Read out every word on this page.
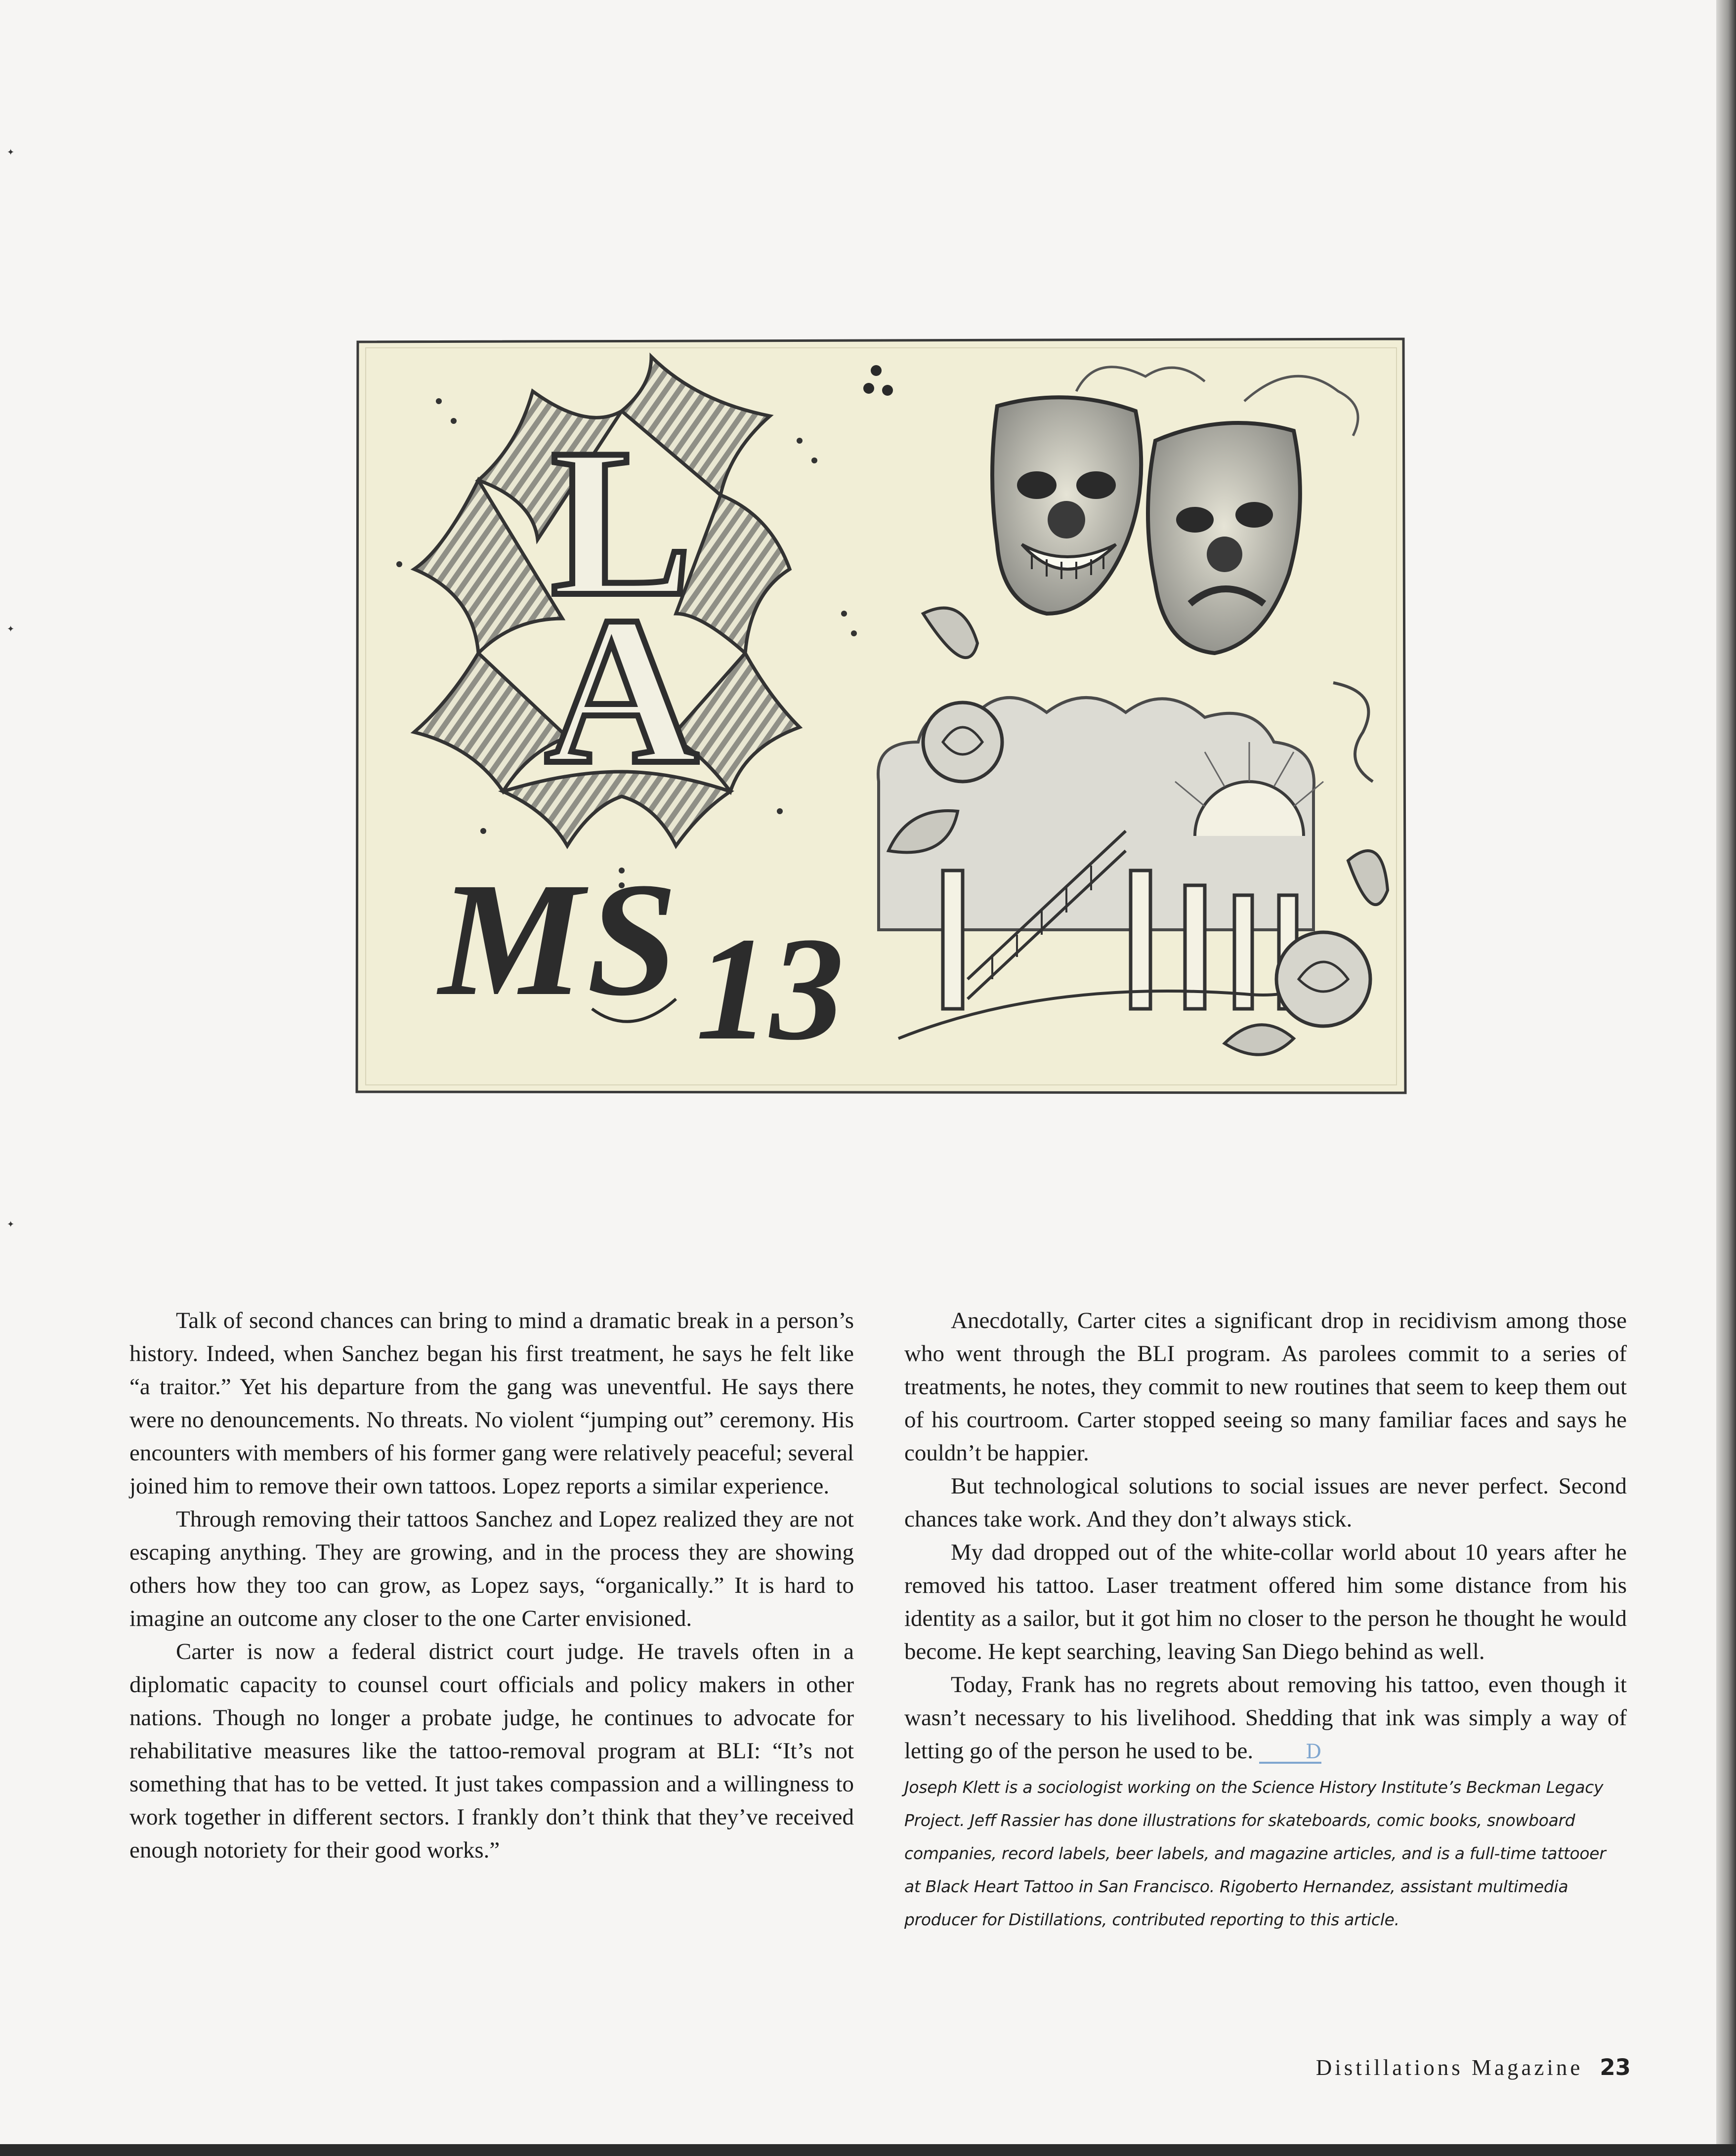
✦
✦
✦
L
A
MS 13

Talk of second chances can bring to mind a dramatic break in a person’s history. Indeed, when Sanchez began his first treatment, he says he felt like “a traitor.” Yet his departure from the gang was uneventful. He says there were no denouncements. No threats. No violent “jumping out” ceremony. His encounters with members of his former gang were relatively peaceful; several joined him to remove their own tattoos. Lopez reports a similar experience.

Through removing their tattoos Sanchez and Lopez realized they are not escaping anything. They are growing, and in the process they are showing others how they too can grow, as Lopez says, “organically.” It is hard to imagine an outcome any closer to the one Carter envisioned.

Carter is now a federal district court judge. He travels often in a diplomatic capacity to counsel court officials and policy makers in other nations. Though no longer a probate judge, he continues to advocate for rehabilitative measures like the tattoo-removal program at BLI: “It’s not something that has to be vetted. It just takes compassion and a willingness to work together in different sectors. I frankly don’t think that they’ve received enough notoriety for their good works.”

Anecdotally, Carter cites a significant drop in recidivism among those who went through the BLI program. As parolees commit to a series of treatments, he notes, they commit to new routines that seem to keep them out of his courtroom. Carter stopped seeing so many familiar faces and says he couldn’t be happier.

But technological solutions to social issues are never perfect. Second chances take work. And they don’t always stick.

My dad dropped out of the white-collar world about 10 years after he removed his tattoo. Laser treatment offered him some distance from his identity as a sailor, but it got him no closer to the person he thought he would become. He kept searching, leaving San Diego behind as well.

Today, Frank has no regrets about removing his tattoo, even though it wasn’t necessary to his livelihood. Shedding that ink was simply a way of letting go of the person he used to be.	D

Joseph Klett is a sociologist working on the Science History Institute’s Beckman Legacy Project. Jeff Rassier has done illustrations for skateboards, comic books, snowboard companies, record labels, beer labels, and magazine articles, and is a full-time tattooer at Black Heart Tattoo in San Francisco. Rigoberto Hernandez, assistant multimedia producer for Distillations, contributed reporting to this article.
Distillations Magazine 23
